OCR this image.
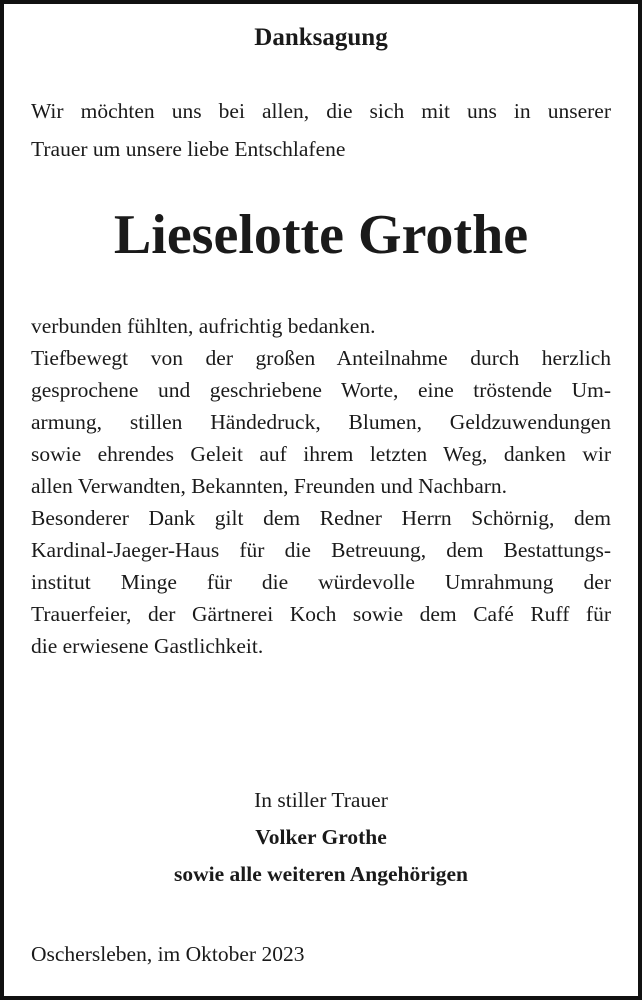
Danksagung
Wir möchten uns bei allen, die sich mit uns in unserer
Trauer um unsere liebe Entschlafene
Lieselotte Grothe
verbunden fühlten, aufrichtig bedanken.
Tiefbewegt von der großen Anteilnahme durch herzlich
gesprochene und geschriebene Worte, eine tröstende Um-
armung, stillen Händedruck, Blumen, Geldzuwendungen
sowie ehrendes Geleit auf ihrem letzten Weg, danken wir
allen Verwandten, Bekannten, Freunden und Nachbarn.
Besonderer Dank gilt dem Redner Herrn Schörnig, dem
Kardinal-Jaeger-Haus für die Betreuung, dem Bestattungs-
institut Minge für die würdevolle Umrahmung der
Trauerfeier, der Gärtnerei Koch sowie dem Café Ruff für
die erwiesene Gastlichkeit.
In stiller Trauer
Volker Grothe
sowie alle weiteren Angehörigen
Oschersleben, im Oktober 2023
